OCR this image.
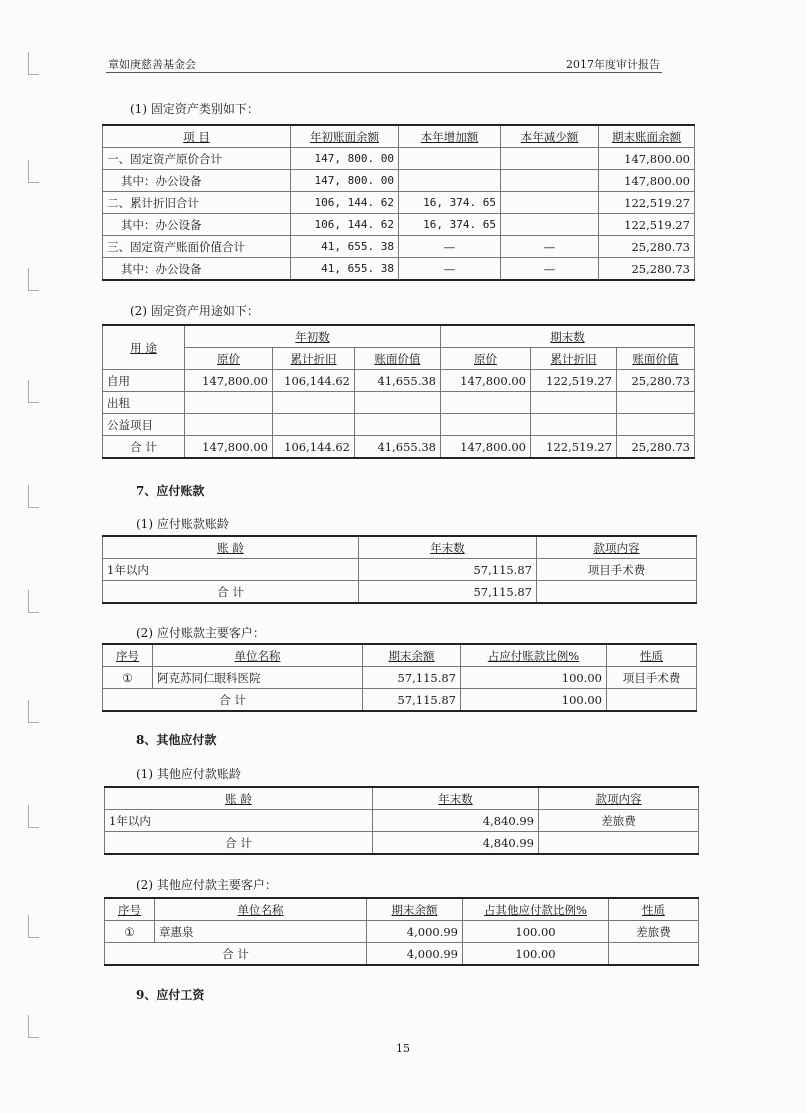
章如庚慈善基金会	2017年度审计报告
(1) 固定资产类别如下：
项 目	年初账面余额	本年增加额	本年减少额	期末账面余额
一、固定资产原价合计	147, 800. 00			147,800.00
其中：办公设备	147, 800. 00			147,800.00
二、累计折旧合计	106, 144. 62	16, 374. 65		122,519.27
其中：办公设备	106, 144. 62	16, 374. 65		122,519.27
三、固定资产账面价值合计	41, 655. 38	—	—	25,280.73
其中：办公设备	41, 655. 38	—	—	25,280.73
(2) 固定资产用途如下：
用 途	年初数			期末数		
	原价	累计折旧	账面价值	原价	累计折旧	账面价值
自用	147,800.00	106,144.62	41,655.38	147,800.00	122,519.27	25,280.73
出租						
公益项目						
合 计	147,800.00	106,144.62	41,655.38	147,800.00	122,519.27	25,280.73
7、应付账款
(1) 应付账款账龄
账 龄	年末数	款项内容
1年以内	57,115.87	项目手术费
合 计	57,115.87	
(2) 应付账款主要客户：
序号	单位名称	期末余额	占应付账款比例%	性质
①	阿克苏同仁眼科医院	57,115.87	100.00	项目手术费
合 计		57,115.87	100.00	
8、其他应付款
(1) 其他应付款账龄
账 龄	年末数	款项内容
1年以内	4,840.99	差旅费
合 计	4,840.99	
(2) 其他应付款主要客户：
序号	单位名称	期末余额	占其他应付款比例%	性质
①	章惠泉	4,000.99	100.00	差旅费
合 计		4,000.99	100.00	
9、应付工资
15
